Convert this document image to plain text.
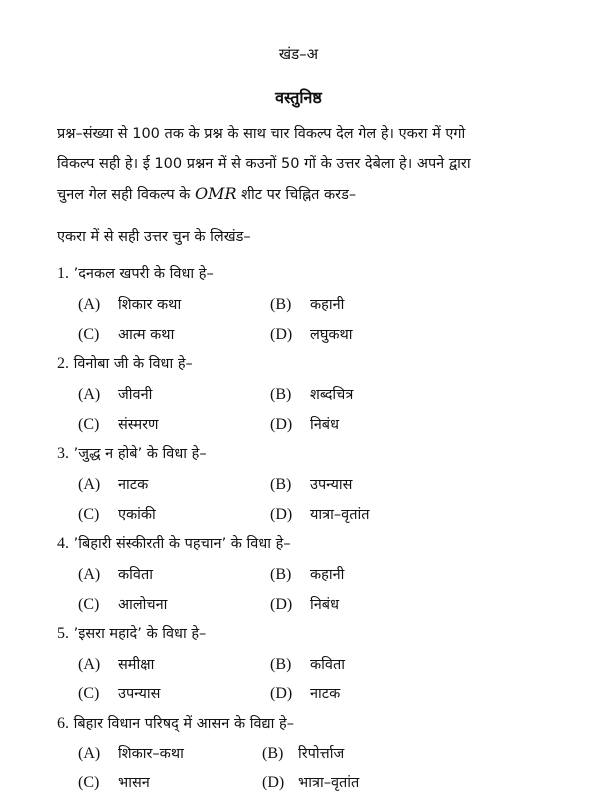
खंड–अ
वस्तुनिष्ठ
प्रश्न–संख्या से 100 तक के प्रश्न के साथ चार विकल्प देल गेल हे। एकरा में एगो
विकल्प सही हे। ई 100 प्रश्नन में से कउनों 50 गों के उत्तर देबेला हे। अपने द्वारा
चुनल गेल सही विकल्प के OMR शीट पर चिह्नित करड–
एकरा में से सही उत्तर चुन के लिखंड–
1. ’दनकल खपरी के विधा हे–
(A) शिकार कथा	(B) कहानी
(C) आत्म कथा	(D) लघुकथा
2. विनोबा जी के विधा हे–
(A) जीवनी	(B) शब्दचित्र
(C) संस्मरण	(D) निबंध
3. ’जुद्ध न होबे’ के विधा हे–
(A) नाटक	(B) उपन्यास
(C) एकांकी	(D) यात्रा–वृतांत
4. ’बिहारी संस्कीरती के पहचान’ के विधा हे–
(A) कविता	(B) कहानी
(C) आलोचना	(D) निबंध
5. ’इसरा महादे’ के विधा हे–
(A) समीक्षा	(B) कविता
(C) उपन्यास	(D) नाटक
6. बिहार विधान परिषद् में आसन के विद्या हे–
(A) शिकार–कथा	(B) रिपोर्त्ताज
(C) भासन	(D) भात्रा–वृतांत
